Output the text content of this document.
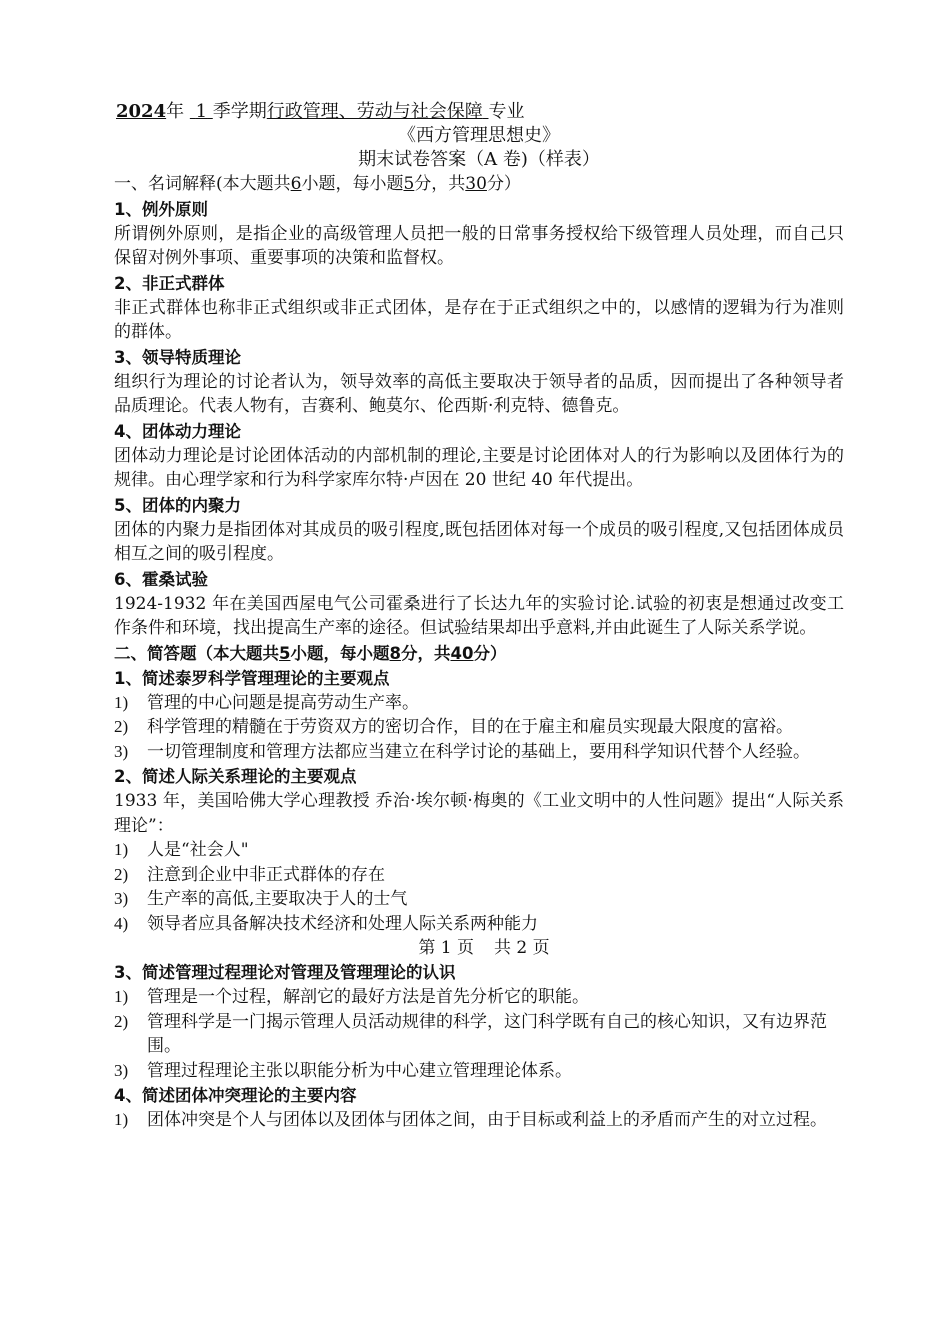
2024年 1 季学期行政管理、劳动与社会保障 专业
《西方管理思想史》
期末试卷答案（A 卷)（样表）
一、名词解释(本大题共6小题，每小题5分，共30分）
1、例外原则
所谓例外原则，是指企业的高级管理人员把一般的日常事务授权给下级管理人员处理，而自己只保留对例外事项、重要事项的决策和监督权。
2、非正式群体
非正式群体也称非正式组织或非正式团体，是存在于正式组织之中的，以感情的逻辑为行为准则的群体。
3、领导特质理论
组织行为理论的讨论者认为，领导效率的高低主要取决于领导者的品质，因而提出了各种领导者品质理论。代表人物有，吉赛利、鲍莫尔、伦西斯·利克特、德鲁克。
4、团体动力理论
团体动力理论是讨论团体活动的内部机制的理论,主要是讨论团体对人的行为影响以及团体行为的规律。由心理学家和行为科学家库尔特·卢因在 20 世纪 40 年代提出。
5、团体的内聚力
团体的内聚力是指团体对其成员的吸引程度,既包括团体对每一个成员的吸引程度,又包括团体成员相互之间的吸引程度。
6、霍桑试验
1924-1932 年在美国西屋电气公司霍桑进行了长达九年的实验讨论.试验的初衷是想通过改变工作条件和环境，找出提高生产率的途径。但试验结果却出乎意料,并由此诞生了人际关系学说。
二、简答题（本大题共5小题，每小题8分，共40分）
1、简述泰罗科学管理理论的主要观点
1)	管理的中心问题是提高劳动生产率。
2)	科学管理的精髓在于劳资双方的密切合作，目的在于雇主和雇员实现最大限度的富裕。
3)	一切管理制度和管理方法都应当建立在科学讨论的基础上，要用科学知识代替个人经验。
2、简述人际关系理论的主要观点
1933 年，美国哈佛大学心理教授 乔治·埃尔顿·梅奥的《工业文明中的人性问题》提出“人际关系理论”：
1)	人是“社会人"
2)	注意到企业中非正式群体的存在
3)	生产率的高低,主要取决于人的士气
4)	领导者应具备解决技术经济和处理人际关系两种能力
第 1 页 共 2 页
3、简述管理过程理论对管理及管理理论的认识
1)	管理是一个过程，解剖它的最好方法是首先分析它的职能。
2)	管理科学是一门揭示管理人员活动规律的科学，这门科学既有自己的核心知识，又有边界范围。
3)	管理过程理论主张以职能分析为中心建立管理理论体系。
4、简述团体冲突理论的主要内容
1)	团体冲突是个人与团体以及团体与团体之间，由于目标或利益上的矛盾而产生的对立过程。
